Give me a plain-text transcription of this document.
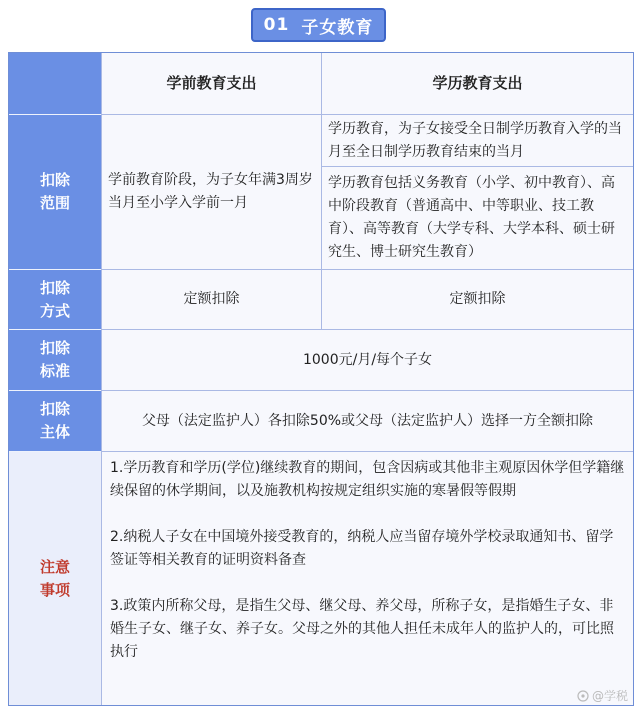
01 子女教育
学前教育支出	学历教育支出
扣除
范围
学前教育阶段，为子女年满3周岁当月至小学入学前一月
学历教育，为子女接受全日制学历教育入学的当月至全日制学历教育结束的当月
学历教育包括义务教育（小学、初中教育）、高中阶段教育（普通高中、中等职业、技工教育）、高等教育（大学专科、大学本科、硕士研究生、博士研究生教育）
扣除
方式
定额扣除	定额扣除
扣除
标准
1000元/月/每个子女
扣除
主体
父母（法定监护人）各扣除50%或父母（法定监护人）选择一方全额扣除
注意
事项

1.学历教育和学历(学位)继续教育的期间，包含因病或其他非主观原因休学但学籍继续保留的休学期间，以及施教机构按规定组织实施的寒暑假等假期

2.纳税人子女在中国境外接受教育的，纳税人应当留存境外学校录取通知书、留学签证等相关教育的证明资料备查

3.政策内所称父母，是指生父母、继父母、养父母，所称子女，是指婚生子女、非婚生子女、继子女、养子女。父母之外的其他人担任未成年人的监护人的，可比照执行

@学税
